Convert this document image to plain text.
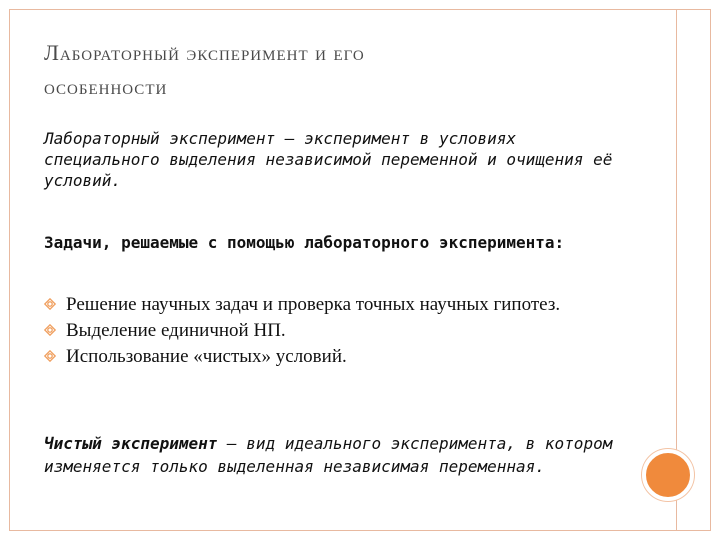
Лабораторный эксперимент и его
особенности
Лабораторный эксперимент – эксперимент в условиях специального выделения независимой переменной и очищения её условий.
Задачи, решаемые с помощью лабораторного эксперимента:
Решение научных задач и проверка точных научных гипотез.
Выделение единичной НП.
Использование «чистых» условий.
Чистый эксперимент – вид идеального эксперимента, в котором изменяется только выделенная независимая переменная.
